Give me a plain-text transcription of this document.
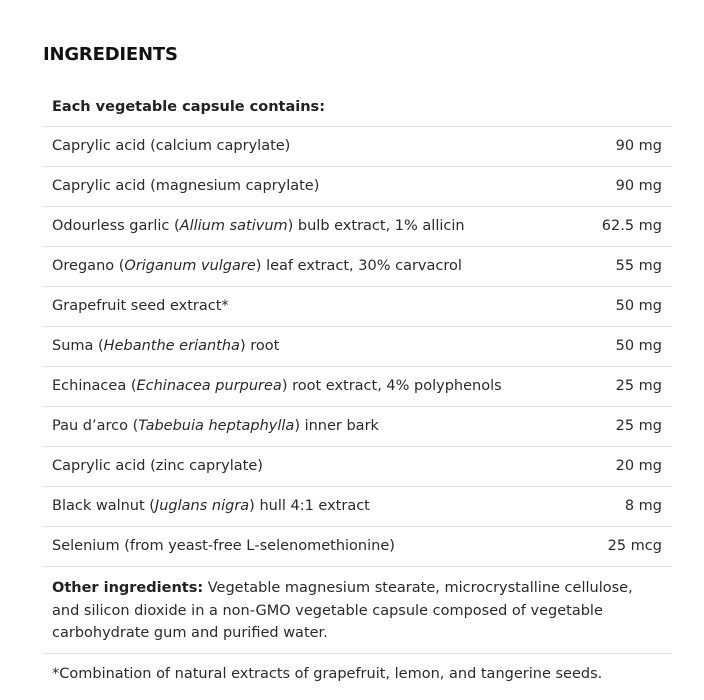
INGREDIENTS
Each vegetable capsule contains:
Caprylic acid (calcium caprylate)	90 mg
Caprylic acid (magnesium caprylate)	90 mg
Odourless garlic (Allium sativum) bulb extract, 1% allicin	62.5 mg
Oregano (Origanum vulgare) leaf extract, 30% carvacrol	55 mg
Grapefruit seed extract*	50 mg
Suma (Hebanthe eriantha) root	50 mg
Echinacea (Echinacea purpurea) root extract, 4% polyphenols	25 mg
Pau d’arco (Tabebuia heptaphylla) inner bark	25 mg
Caprylic acid (zinc caprylate)	20 mg
Black walnut (Juglans nigra) hull 4:1 extract	8 mg
Selenium (from yeast-free L-selenomethionine)	25 mcg
Other ingredients: Vegetable magnesium stearate, microcrystalline cellulose, and silicon dioxide in a non-GMO vegetable capsule composed of vegetable carbohydrate gum and purified water.
*Combination of natural extracts of grapefruit, lemon, and tangerine seeds.
